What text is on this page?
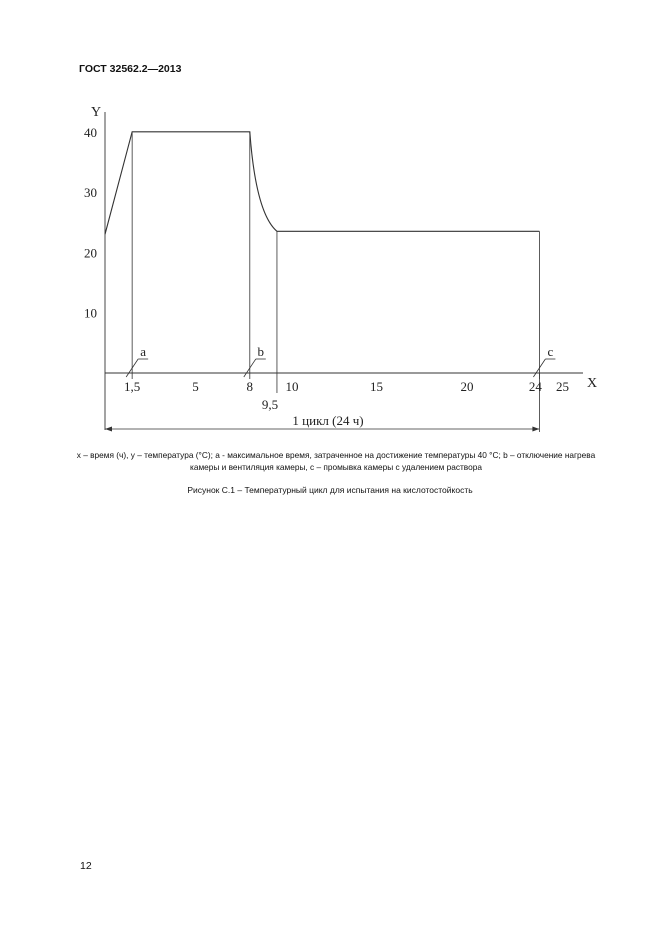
ГОСТ 32562.2—2013
Y
X
10
20
30
40
1,5	5	8 10	15	20	24 25
9,5
a	b	c
1 цикл (24 ч)
x – время (ч), y – температура (°С); a - максимальное время, затраченное на достижение температуры 40 °С; b – отключение нагрева камеры и вентиляция камеры, c – промывка камеры с удалением раствора
Рисунок С.1 – Температурный цикл для испытания на кислотостойкость
12
